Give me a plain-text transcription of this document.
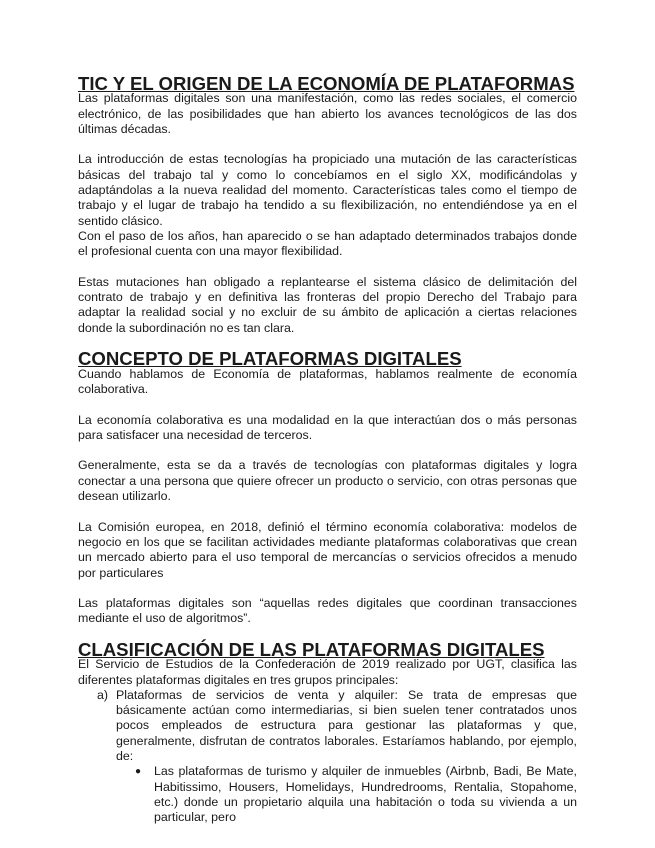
TIC Y EL ORIGEN DE LA ECONOMÍA DE PLATAFORMAS

Las plataformas digitales son una manifestación, como las redes sociales, el comercio electrónico, de las posibilidades que han abierto los avances tecnológicos de las dos últimas décadas.

La introducción de estas tecnologías ha propiciado una mutación de las características básicas del trabajo tal y como lo concebíamos en el siglo XX, modificándolas y adaptándolas a la nueva realidad del momento. Características tales como el tiempo de trabajo y el lugar de trabajo ha tendido a su flexibilización, no entendiéndose ya en el sentido clásico.

Con el paso de los años, han aparecido o se han adaptado determinados trabajos donde el profesional cuenta con una mayor flexibilidad.

Estas mutaciones han obligado a replantearse el sistema clásico de delimitación del contrato de trabajo y en definitiva las fronteras del propio Derecho del Trabajo para adaptar la realidad social y no excluir de su ámbito de aplicación a ciertas relaciones donde la subordinación no es tan clara.

CONCEPTO DE PLATAFORMAS DIGITALES

Cuando hablamos de Economía de plataformas, hablamos realmente de economía colaborativa.

La economía colaborativa es una modalidad en la que interactúan dos o más personas para satisfacer una necesidad de terceros.

Generalmente, esta se da a través de tecnologías con plataformas digitales y logra conectar a una persona que quiere ofrecer un producto o servicio, con otras personas que desean utilizarlo.

La Comisión europea, en 2018, definió el término economía colaborativa: modelos de negocio en los que se facilitan actividades mediante plataformas colaborativas que crean un mercado abierto para el uso temporal de mercancías o servicios ofrecidos a menudo por particulares

Las plataformas digitales son “aquellas redes digitales que coordinan transacciones mediante el uso de algoritmos”.

CLASIFICACIÓN DE LAS PLATAFORMAS DIGITALES

El Servicio de Estudios de la Confederación de 2019 realizado por UGT, clasifica las diferentes plataformas digitales en tres grupos principales:

a) Plataformas de servicios de venta y alquiler: Se trata de empresas que básicamente actúan como intermediarias, si bien suelen tener contratados unos pocos empleados de estructura para gestionar las plataformas y que, generalmente, disfrutan de contratos laborales. Estaríamos hablando, por ejemplo, de:
● Las plataformas de turismo y alquiler de inmuebles (Airbnb, Badi, Be Mate, Habitissimo, Housers, Homelidays, Hundredrooms, Rentalia, Stopahome, etc.) donde un propietario alquila una habitación o toda su vivienda a un particular, pero
